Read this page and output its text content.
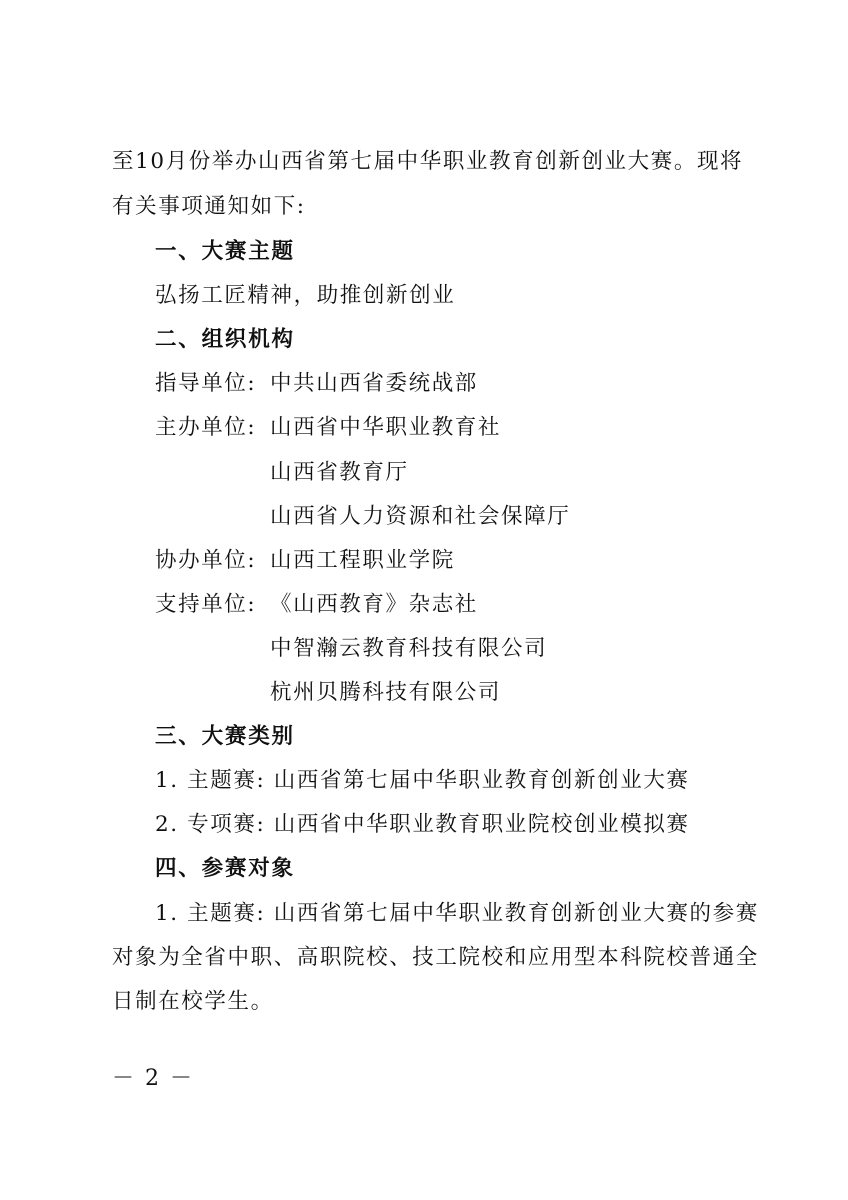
至10月份举办山西省第七届中华职业教育创新创业大赛。现将
有关事项通知如下:
一、大赛主题
弘扬工匠精神，助推创新创业
二、组织机构
指导单位: 中共山西省委统战部
主办单位: 山西省中华职业教育社
山西省教育厅
山西省人力资源和社会保障厅
协办单位: 山西工程职业学院
支持单位: 《山西教育》杂志社
中智瀚云教育科技有限公司
杭州贝腾科技有限公司
三、大赛类别
1. 主题赛: 山西省第七届中华职业教育创新创业大赛
2. 专项赛: 山西省中华职业教育职业院校创业模拟赛
四、参赛对象
1. 主题赛: 山西省第七届中华职业教育创新创业大赛的参赛
对象为全省中职、高职院校、技工院校和应用型本科院校普通全
日制在校学生。
－ 2 －
